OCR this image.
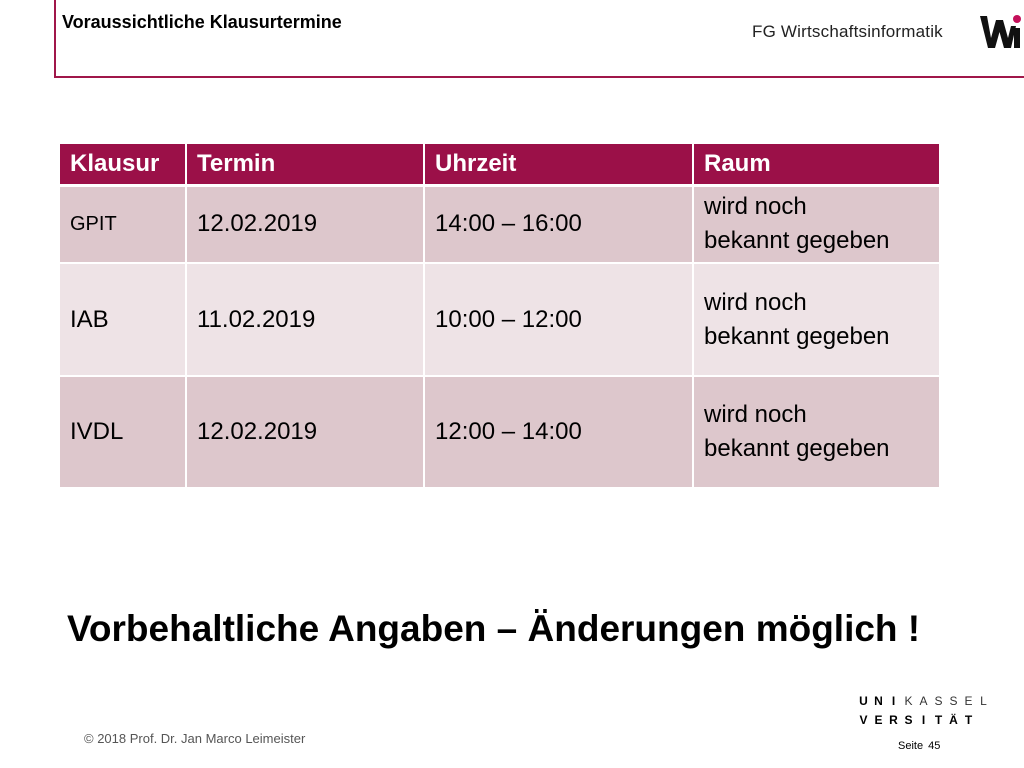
Voraussichtliche Klausurtermine	FG Wirtschaftsinformatik
Klausur	Termin	Uhrzeit	Raum
GPIT	12.02.2019	14:00 – 16:00	wird noch
bekannt gegeben
IAB	11.02.2019	10:00 – 12:00	wird noch
bekannt gegeben
IVDL	12.02.2019	12:00 – 14:00	wird noch
bekannt gegeben

Vorbehaltliche Angaben – Änderungen möglich !

© 2018 Prof. Dr. Jan Marco Leimeister
U N I K A S S E L
V E R S I T Ä T
Seite 45
